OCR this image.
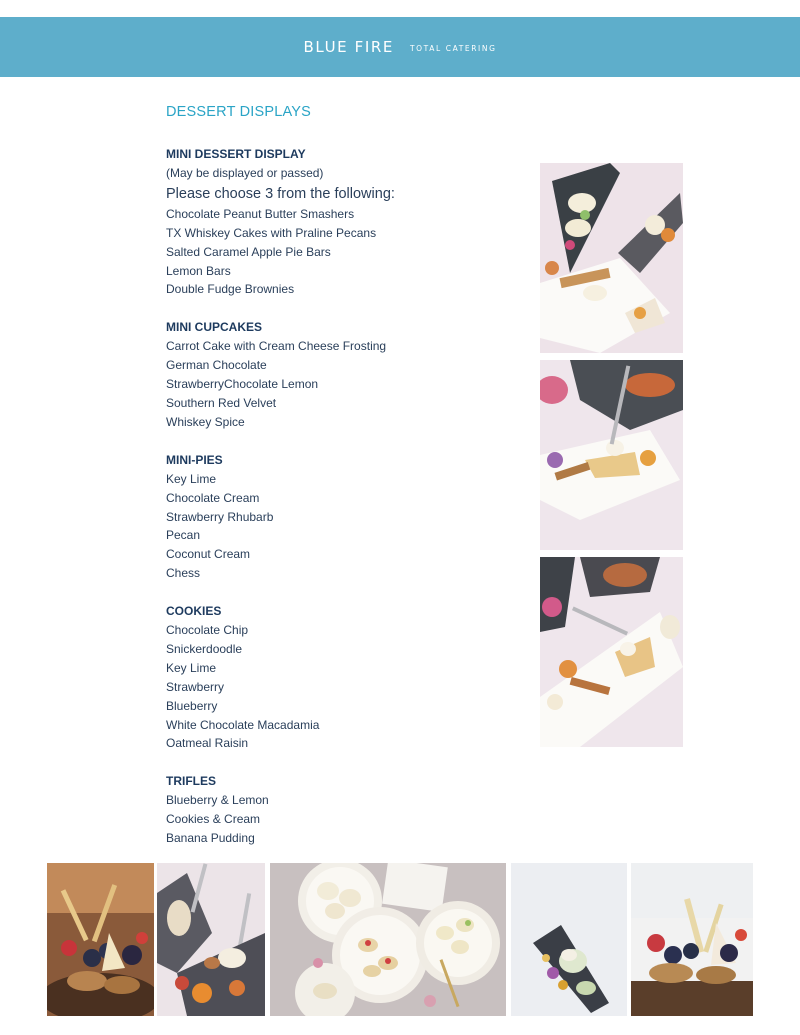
BLUE FIRE TOTAL CATERING
DESSERT DISPLAYS
MINI DESSERT DISPLAY
(May be displayed or passed)
Please choose 3 from the following:
Chocolate Peanut Butter Smashers
TX Whiskey Cakes with Praline Pecans
Salted Caramel Apple Pie Bars
Lemon Bars
Double Fudge Brownies
MINI CUPCAKES
Carrot Cake with Cream Cheese Frosting
German Chocolate
StrawberryChocolate Lemon
Southern Red Velvet
Whiskey Spice
MINI-PIES
Key Lime
Chocolate Cream
Strawberry Rhubarb
Pecan
Coconut Cream
Chess
COOKIES
Chocolate Chip
Snickerdoodle
Key Lime
Strawberry
Blueberry
White Chocolate Macadamia
Oatmeal Raisin
TRIFLES
Blueberry & Lemon
Cookies & Cream
Banana Pudding
